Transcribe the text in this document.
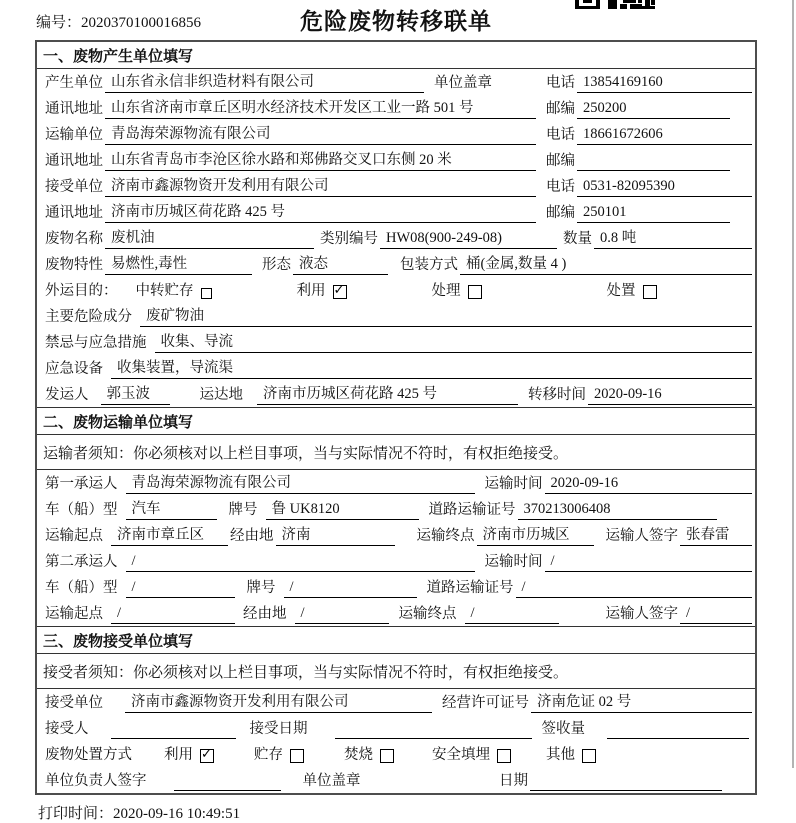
编号：2020370100016856	危险废物转移联单
一、废物产生单位填写
产生单位 山东省永信非织造材料有限公司	单位盖章	电话 13854169160
通讯地址 山东省济南市章丘区明水经济技术开发区工业一路 501 号	邮编 250200
运输单位 青岛海荣源物流有限公司	电话 18661672606
通讯地址 山东省青岛市李沧区徐水路和郑佛路交叉口东侧 20 米	邮编
接受单位 济南市鑫源物资开发利用有限公司	电话 0531-82095390
通讯地址 济南市历城区荷花路 425 号	邮编 250101
废物名称 废机油	类别编号 HW08(900-249-08)	数量 0.8 吨
废物特性 易燃性,毒性	形态 液态	包装方式 桶(金属,数量 4 )
外运目的： 中转贮存	利用 ✓	处理	处置
主要危险成分 废矿物油
禁忌与应急措施 收集、导流
应急设备 收集装置，导流渠
发运人	郭玉波	运达地	济南市历城区荷花路 425 号	转移时间 2020-09-16
二、废物运输单位填写
运输者须知：你必须核对以上栏目事项，当与实际情况不符时，有权拒绝接受。
第一承运人 青岛海荣源物流有限公司	运输时间 2020-09-16
车（船）型 汽车	牌号 鲁 UK8120	道路运输证号 370213006408
运输起点 济南市章丘区	经由地 济南	运输终点 济南市历城区	运输人签字 张春雷
第二承运人 /	运输时间 /
车（船）型 /	牌号 /	道路运输证号 /
运输起点 /	经由地 /	运输终点 /	运输人签字 /
三、废物接受单位填写
接受者须知：你必须核对以上栏目事项，当与实际情况不符时，有权拒绝接受。
接受单位	济南市鑫源物资开发利用有限公司	经营许可证号 济南危证 02 号
接受人	接受日期	签收量
废物处置方式 利用 ✓	贮存	焚烧	安全填埋	其他
单位负责人签字	单位盖章	日期
打印时间：2020-09-16 10:49:51
